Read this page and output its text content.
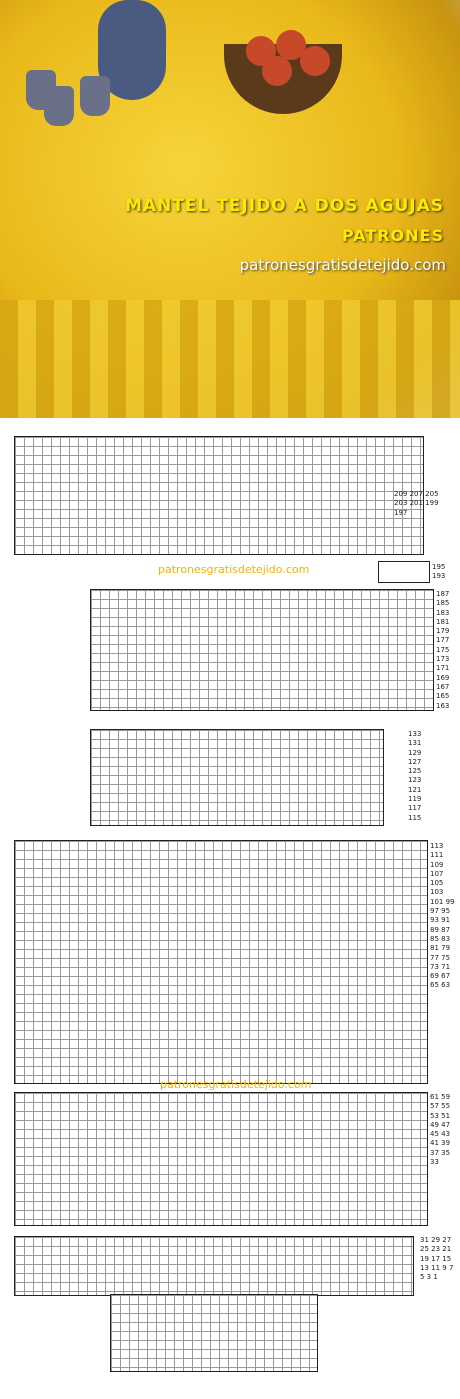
MANTEL TEJIDO A DOS AGUJAS
PATRONES
patronesgratisdetejido.com
209 207 205 203 201 199 197
195 193
patronesgratisdetejido.com
187 185 183 181 179 177 175 173 171 169 167 165 163
133 131 129 127 125 123 121 119 117 115
113 111 109 107 105 103 101 99 97 95 93 91 89 87 85 83 81 79 77 75 73 71 69 67 65 63
patronesgratisdetejido.com
61 59 57 55 53 51 49 47 45 43 41 39 37 35 33
31 29 27 25 23 21 19 17 15 13 11 9 7 5 3 1
